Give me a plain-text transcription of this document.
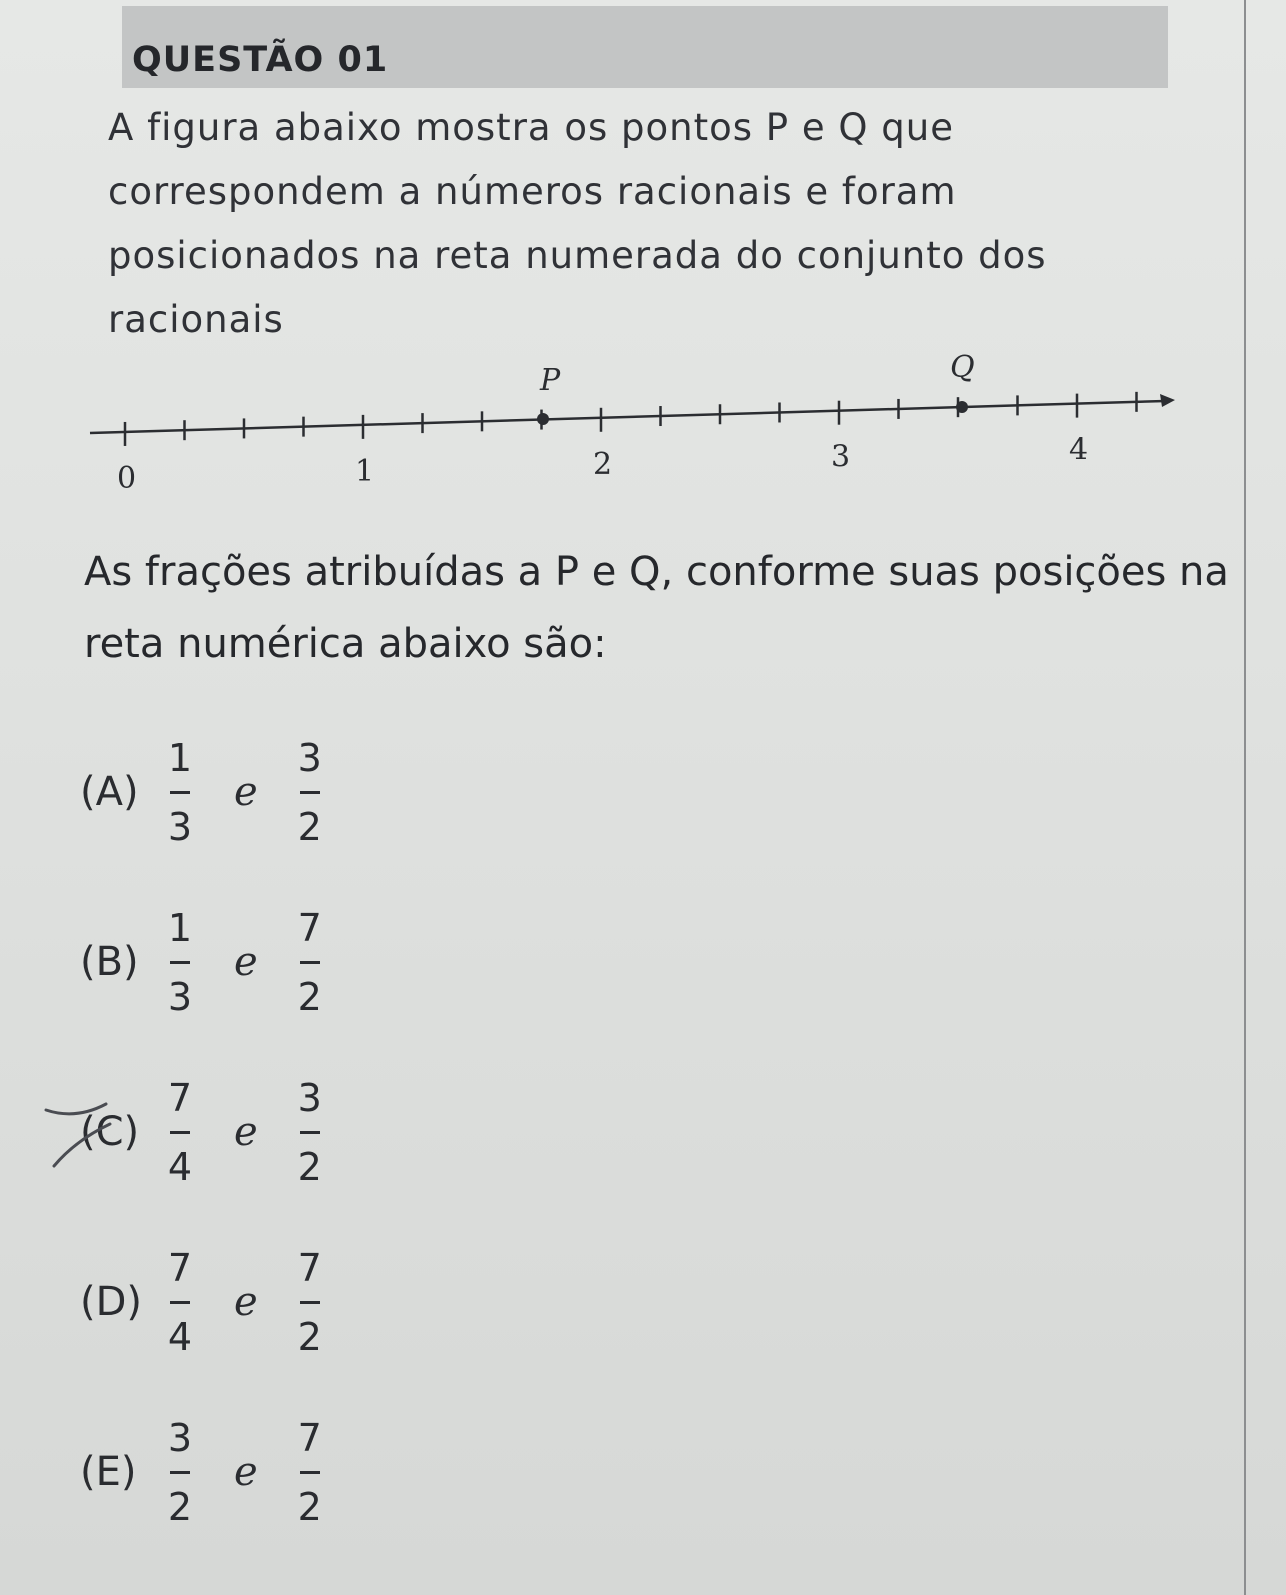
QUESTÃO 01

A figura abaixo mostra os pontos P e Q que correspondem a números racionais e foram posicionados na reta numerada do conjunto dos racionais

0	1	2	3	4
P	Q

As frações atribuídas a P e Q, conforme suas posições na reta numérica abaixo são:

$(A) \frac{1}{3}$ e $\frac{3}{2}$
$(B) \frac{1}{3}$ e $\frac{7}{2}$
$(C) \frac{7}{4}$ e $\frac{3}{2}$
$(D) \frac{7}{4}$ e $\frac{7}{2}$
$(E) \frac{3}{2}$ e $\frac{7}{2}$
